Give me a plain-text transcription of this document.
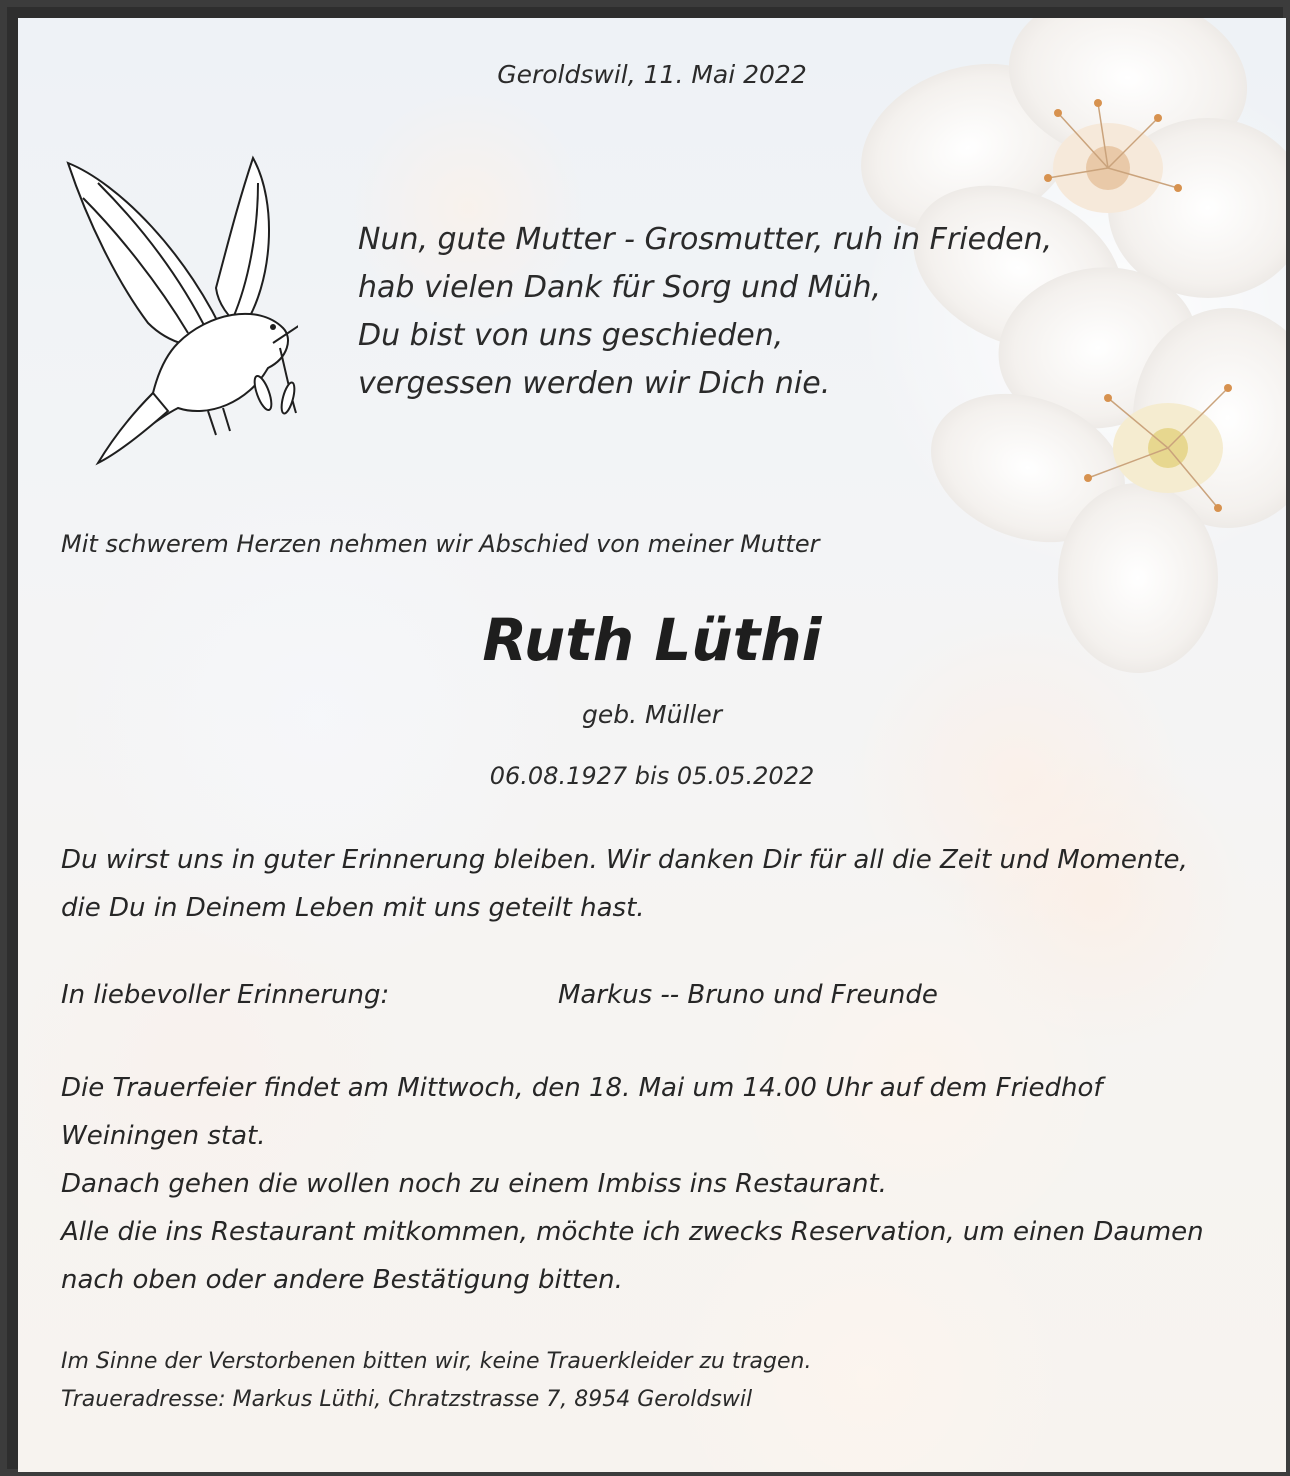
Geroldswil, 11. Mai 2022

Nun, gute Mutter - Grosmutter, ruh in Frieden,
hab vielen Dank für Sorg und Müh,
Du bist von uns geschieden,
vergessen werden wir Dich nie.

Mit schwerem Herzen nehmen wir Abschied von meiner Mutter

Ruth Lüthi

geb. Müller

06.08.1927 bis 05.05.2022

Du wirst uns in guter Erinnerung bleiben. Wir danken Dir für all die Zeit und Momente,
die Du in Deinem Leben mit uns geteilt hast.

In liebevoller Erinnerung:	Markus -- Bruno und Freunde

Die Trauerfeier findet am Mittwoch, den 18. Mai um 14.00 Uhr auf dem Friedhof
Weiningen stat.
Danach gehen die wollen noch zu einem Imbiss ins Restaurant.
Alle die ins Restaurant mitkommen, möchte ich zwecks Reservation, um einen Daumen
nach oben oder andere Bestätigung bitten.
Im Sinne der Verstorbenen bitten wir, keine Trauerkleider zu tragen.
Traueradresse: Markus Lüthi, Chratzstrasse 7, 8954 Geroldswil
